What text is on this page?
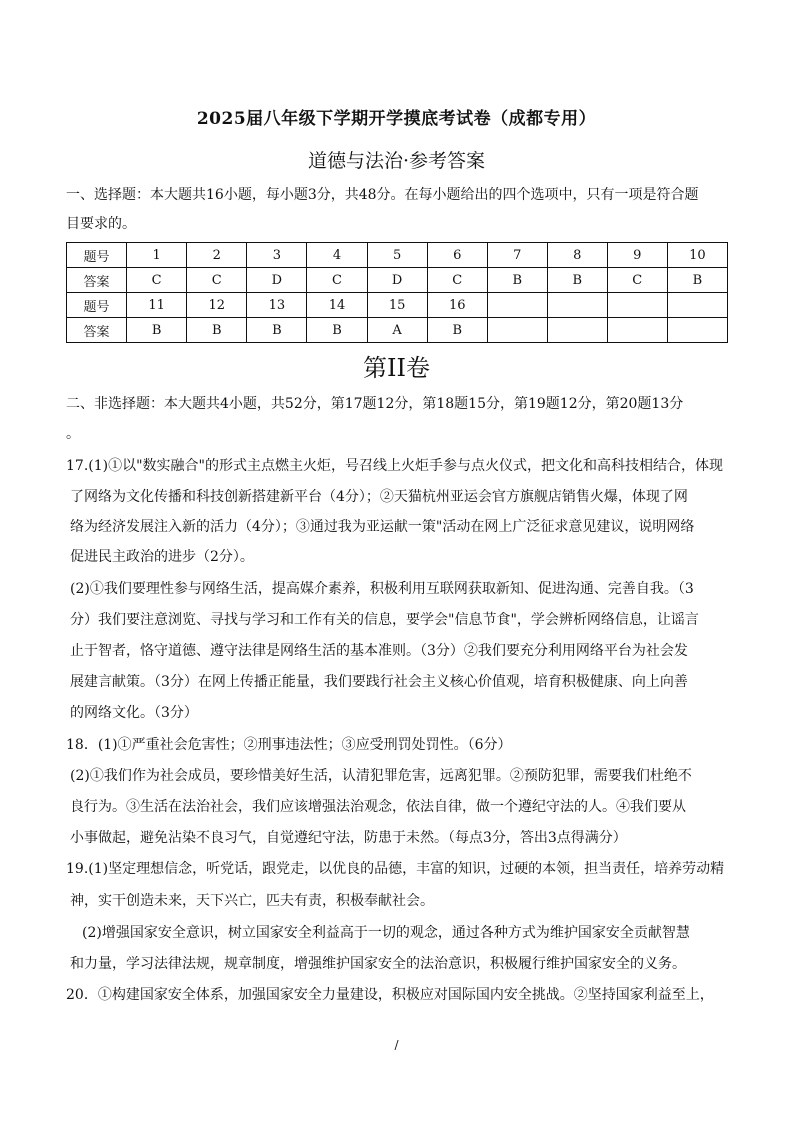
2025届八年级下学期开学摸底考试卷（成都专用）
道德与法治·参考答案
一、选择题：本大题共16小题，每小题3分，共48分。在每小题给出的四个选项中，只有一项是符合题
目要求的。
题号	1	2	3	4	5	6	7	8	9	10
答案	C	C	D	C	D	C	B	B	C	B
题号	11	12	13	14	15	16				
答案	B	B	B	B	A	B				
第II卷
二、非选择题：本大题共4小题，共52分，第17题12分，第18题15分，第19题12分，第20题13分
。
17.(1)①以"数实融合"的形式主点燃主火炬，号召线上火炬手参与点火仪式，把文化和高科技相结合，体现
了网络为文化传播和科技创新搭建新平台（4分）；②天猫杭州亚运会官方旗舰店销售火爆，体现了网
络为经济发展注入新的活力（4分）；③通过我为亚运献一策"活动在网上广泛征求意见建议，说明网络
促进民主政治的进步（2分）。
(2)①我们要理性参与网络生活，提高媒介素养，积极利用互联网获取新知、促进沟通、完善自我。（3
分）我们要注意浏览、寻找与学习和工作有关的信息，要学会"信息节食"，学会辨析网络信息，让谣言
止于智者，恪守道德、遵守法律是网络生活的基本准则。（3分）②我们要充分利用网络平台为社会发
展建言献策。（3分）在网上传播正能量，我们要践行社会主义核心价值观，培育积极健康、向上向善
的网络文化。（3分）
18．(1)①严重社会危害性；②刑事违法性；③应受刑罚处罚性。（6分）
(2)①我们作为社会成员，要珍惜美好生活，认清犯罪危害，远离犯罪。②预防犯罪，需要我们杜绝不
良行为。③生活在法治社会，我们应该增强法治观念，依法自律，做一个遵纪守法的人。④我们要从
小事做起，避免沾染不良习气，自觉遵纪守法，防患于未然。（每点3分，答出3点得满分）
19.(1)坚定理想信念，听党话，跟党走，以优良的品德，丰富的知识，过硬的本领，担当责任，培养劳动精
神，实干创造未来，天下兴亡，匹夫有责，积极奉献社会。
(2)增强国家安全意识，树立国家安全利益高于一切的观念，通过各种方式为维护国家安全贡献智慧
和力量，学习法律法规，规章制度，增强维护国家安全的法治意识，积极履行维护国家安全的义务。
20．①构建国家安全体系，加强国家安全力量建设，积极应对国际国内安全挑战。②坚持国家利益至上，
/
